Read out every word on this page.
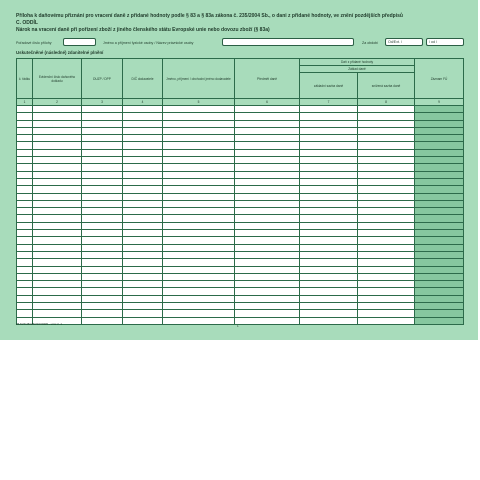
Příloha k daňovému přiznání pro vracení daně z přidané hodnoty podle § 83 a § 83a zákona č. 235/2004 Sb., o dani z přidané hodnoty, ve znění pozdějších předpisů
C. ODDÍL
Nárok na vracení daně při pořízení zboží z jiného členského státu Evropské unie nebo dovozu zboží (§ 83a)
Pořadové číslo přílohy	Jméno a příjmení fyzické osoby / Název právnické osoby	Za období	Od/Ext. /	/ od /
Uskutečněné (následné) zdanitelné plnění
č. řádku	Evidenční číslo daňového dokladu	DUZP / DPP	DIČ dodavatele	Jméno, příjmení / obchodní jméno dodavatele	Předmět daně	Daň z přidané hodnoty		Záznam FÚ
						Základ daně		
						základní sazba daně	snížená sazba daně	
1	2	3	4	5	6	7	8	9

25 5271/B MM 5/7/2005 - vzor č. 1	1
